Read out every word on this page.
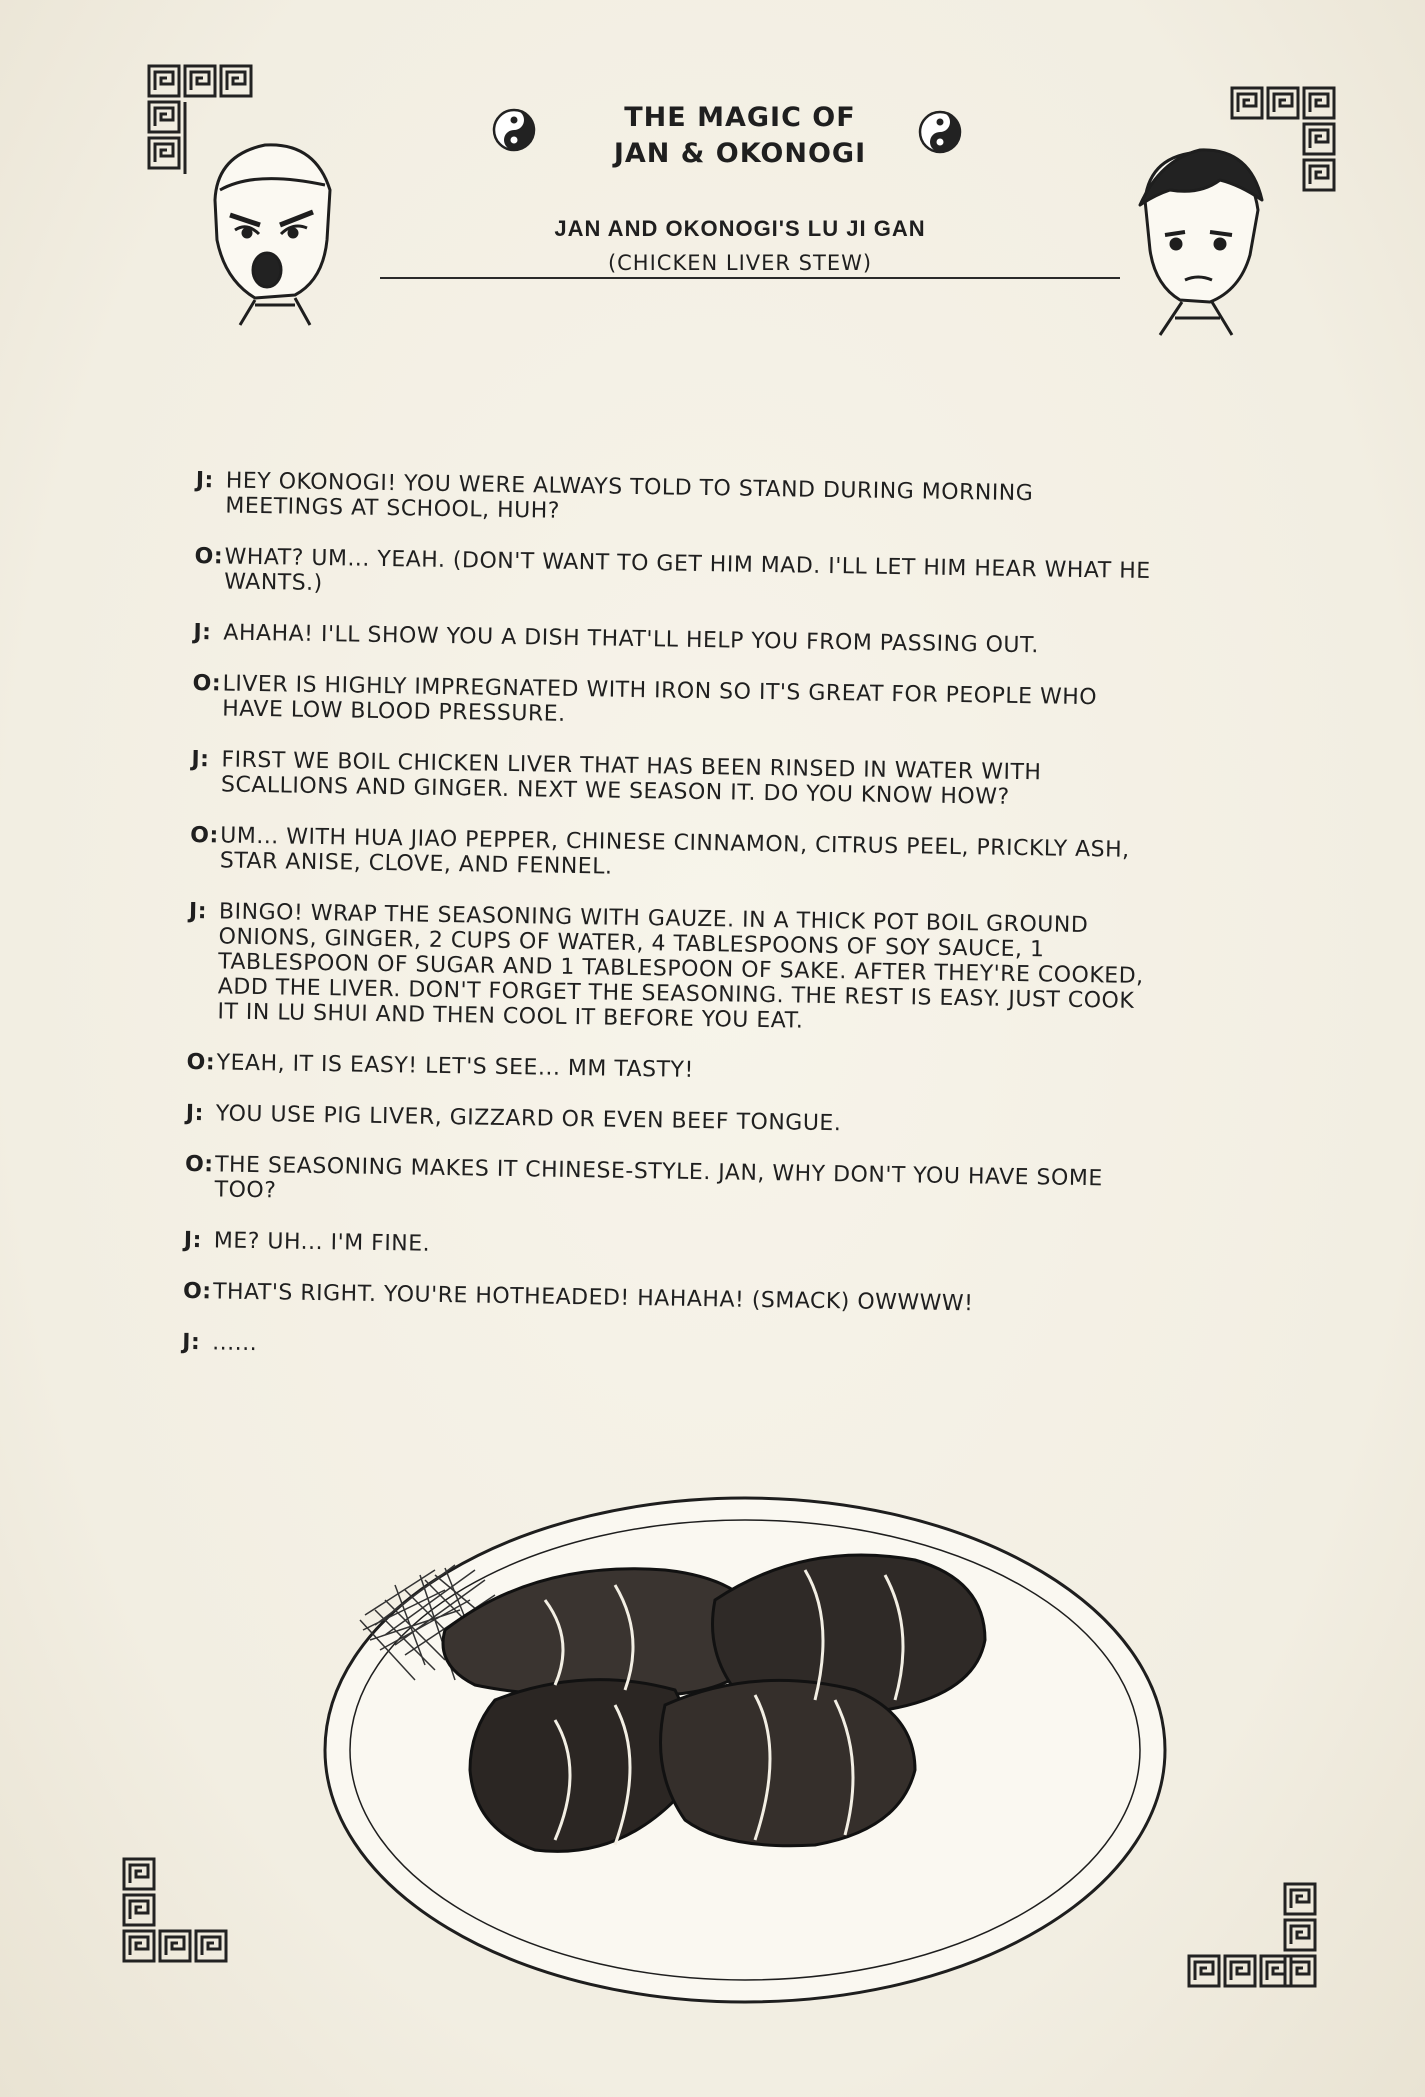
THE MAGIC OF
JAN & OKONOGI
JAN AND OKONOGI'S LU JI GAN
(CHICKEN LIVER STEW)
J: HEY OKONOGI! YOU WERE ALWAYS TOLD TO STAND DURING MORNING MEETINGS AT SCHOOL, HUH?
O: WHAT? UM... YEAH. (DON'T WANT TO GET HIM MAD. I'LL LET HIM HEAR WHAT HE WANTS.)
J: AHAHA! I'LL SHOW YOU A DISH THAT'LL HELP YOU FROM PASSING OUT.
O: LIVER IS HIGHLY IMPREGNATED WITH IRON SO IT'S GREAT FOR PEOPLE WHO HAVE LOW BLOOD PRESSURE.
J: FIRST WE BOIL CHICKEN LIVER THAT HAS BEEN RINSED IN WATER WITH SCALLIONS AND GINGER. NEXT WE SEASON IT. DO YOU KNOW HOW?
O: UM... WITH HUA JIAO PEPPER, CHINESE CINNAMON, CITRUS PEEL, PRICKLY ASH, STAR ANISE, CLOVE, AND FENNEL.
J: BINGO! WRAP THE SEASONING WITH GAUZE. IN A THICK POT BOIL GROUND ONIONS, GINGER, 2 CUPS OF WATER, 4 TABLESPOONS OF SOY SAUCE, 1 TABLESPOON OF SUGAR AND 1 TABLESPOON OF SAKE. AFTER THEY'RE COOKED, ADD THE LIVER. DON'T FORGET THE SEASONING. THE REST IS EASY. JUST COOK IT IN LU SHUI AND THEN COOL IT BEFORE YOU EAT.
O: YEAH, IT IS EASY! LET'S SEE... MM TASTY!
J: YOU USE PIG LIVER, GIZZARD OR EVEN BEEF TONGUE.
O: THE SEASONING MAKES IT CHINESE-STYLE. JAN, WHY DON'T YOU HAVE SOME TOO?
J: ME? UH... I'M FINE.
O: THAT'S RIGHT. YOU'RE HOTHEADED! HAHAHA! (SMACK) OWWWW!
J: ......
